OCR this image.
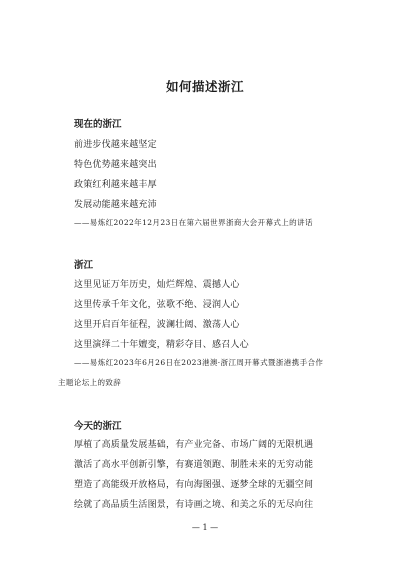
如何描述浙江
现在的浙江
前进步伐越来越坚定
特色优势越来越突出
政策红利越来越丰厚
发展动能越来越充沛
——易炼红2022年12月23日在第六届世界浙商大会开幕式上的讲话
浙江
这里见证万年历史，灿烂辉煌、震撼人心
这里传承千年文化，弦歌不绝、浸润人心
这里开启百年征程，波澜壮阔、激荡人心
这里演绎二十年嬗变，精彩夺目、感召人心
——易炼红2023年6月26日在2023港澳·浙江周开幕式暨浙港携手合作
主题论坛上的致辞
今天的浙江
厚植了高质量发展基础，有产业完备、市场广阔的无限机遇
激活了高水平创新引擎，有赛道领跑、制胜未来的无穷动能
塑造了高能级开放格局，有向海图强、逐梦全球的无疆空间
绘就了高品质生活图景，有诗画之境、和美之乐的无尽向往
— 1 —
